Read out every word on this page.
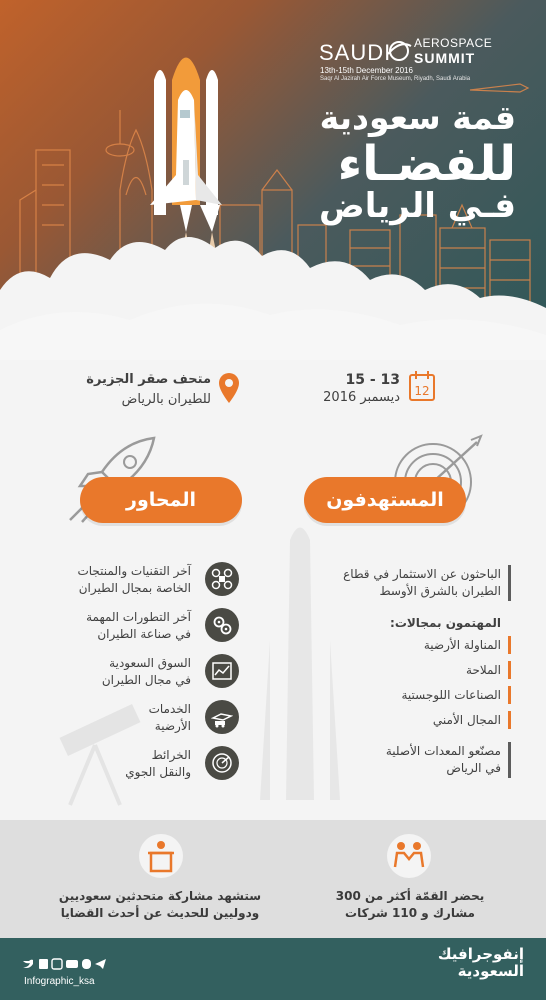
SAUDI AEROSPACE
SUMMIT
13th-15th December 2016
Saqr Al Jazirah Air Force Museum, Riyadh, Saudi Arabia
قمة سعودية
للفضـاء
فـي الرياض
12
13 - 15
ديسمبر 2016
متحف صقر الجزيرة
للطيران بالرياض
المستهدفون
المحاور
الباحثون عن الاستثمار في قطاع
الطيران بالشرق الأوسط
المهتمون بمجالات:
المناولة الأرضية
الملاحة
الصناعات اللوجستية
المجال الأمني
مصنّعو المعدات الأصلية
في الرياض
آخر التقنيات والمنتجات
الخاصة بمجال الطيران
آخر التطورات المهمة
في صناعة الطيران
السوق السعودية
في مجال الطيران
الخدمات
الأرضية
الخرائط
والنقل الجوي
يحضر القمّة أكثر من 300
مشارك و 110 شركات
ستشهد مشاركة متحدثين سعوديين
ودوليين للحديث عن أحدث القضايا
Infographic_ksa
إنفوجرافيك
السعودية
